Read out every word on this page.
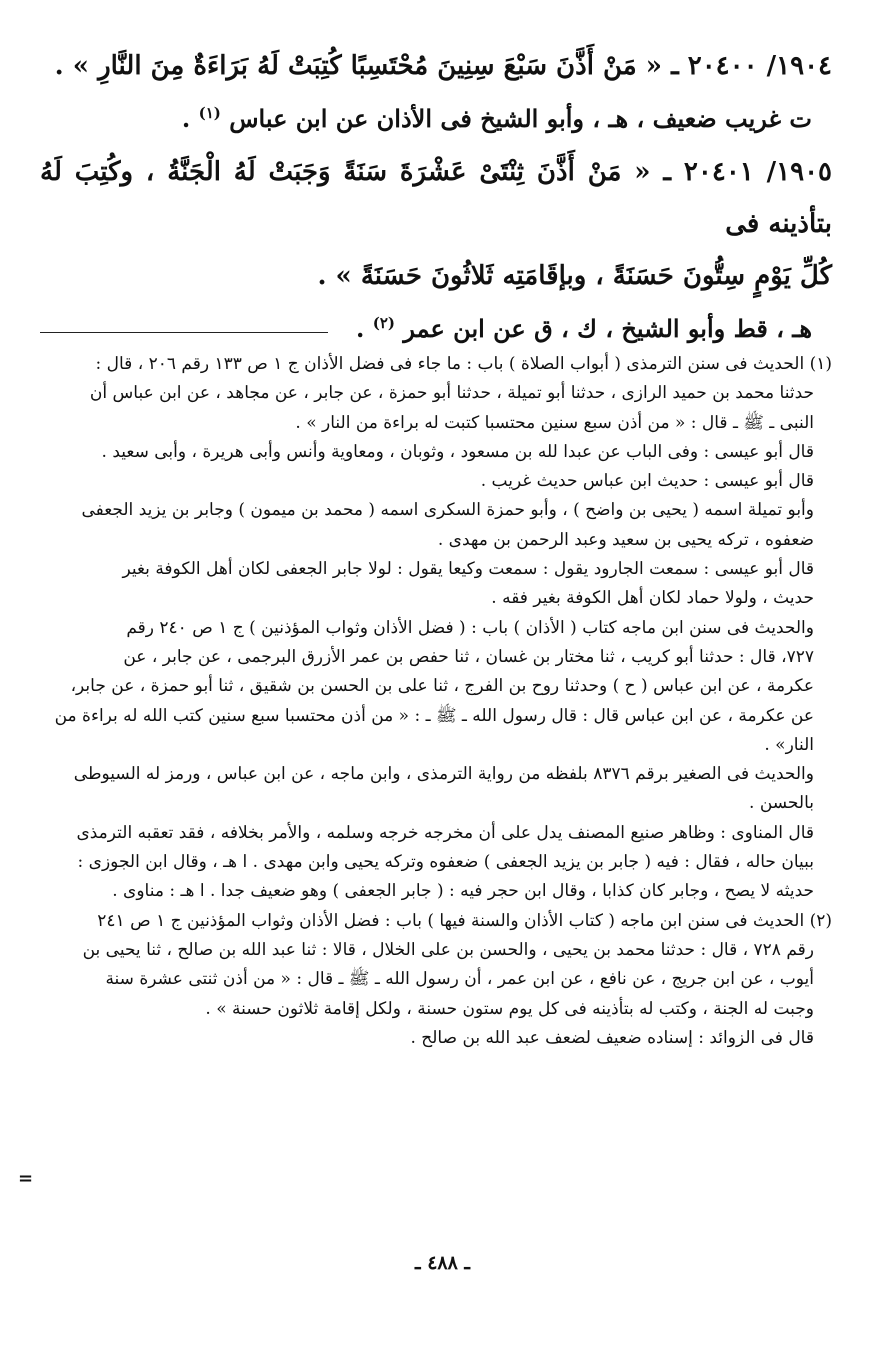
١٩٠٤/ ٢٠٤٠٠ ـ « مَنْ أَذَّنَ سَبْعَ سِنِينَ مُحْتَسِبًا كُتِبَتْ لَهُ بَرَاءَةٌ مِنَ النَّارِ » .

ت غريب ضعيف ، هـ ، وأبو الشيخ فى الأذان عن ابن عباس $^{(١)}$ .

١٩٠٥/ ٢٠٤٠١ ـ « مَنْ أَذَّنَ ثِنْتَىْ عَشْرَةَ سَنَةً وَجَبَتْ لَهُ الْجَنَّةُ ، وكُتِبَ لَهُ بتأذينه فى

كُلِّ يَوْمٍ سِتُّونَ حَسَنَةً ، وبإقَامَتِه ثَلاثُونَ حَسَنَةً » .

هـ ، قط وأبو الشيخ ، ك ، ق عن ابن عمر $^{(٢)}$ .

(١) الحديث فى سنن الترمذى ( أبواب الصلاة ) باب : ما جاء فى فضل الأذان ج ١ ص ١٣٣ رقم ٢٠٦ ، قال :

حدثنا محمد بن حميد الرازى ، حدثنا أبو تميلة ، حدثنا أبو حمزة ، عن جابر ، عن مجاهد ، عن ابن عباس أن

النبى ـ ﷺ ـ قال : « من أذن سبع سنين محتسبا كتبت له براءة من النار » .

قال أبو عيسى : وفى الباب عن عبدا لله بن مسعود ، وثوبان ، ومعاوية وأنس وأبى هريرة ، وأبى سعيد .

قال أبو عيسى : حديث ابن عباس حديث غريب .

وأبو تميلة اسمه ( يحيى بن واضح ) ، وأبو حمزة السكرى اسمه ( محمد بن ميمون ) وجابر بن يزيد الجعفى

ضعفوه ، تركه يحيى بن سعيد وعبد الرحمن بن مهدى .

قال أبو عيسى : سمعت الجارود يقول : سمعت وكيعا يقول : لولا جابر الجعفى لكان أهل الكوفة بغير

حديث ، ولولا حماد لكان أهل الكوفة بغير فقه .

والحديث فى سنن ابن ماجه كتاب ( الأذان ) باب : ( فضل الأذان وثواب المؤذنين ) ج ١ ص ٢٤٠ رقم

٧٢٧، قال : حدثنا أبو كريب ، ثنا مختار بن غسان ، ثنا حفص بن عمر الأزرق البرجمى ، عن جابر ، عن

عكرمة ، عن ابن عباس ( ح ) وحدثنا روح بن الفرج ، ثنا على بن الحسن بن شقيق ، ثنا أبو حمزة ، عن جابر،

عن عكرمة ، عن ابن عباس قال : قال رسول الله ـ ﷺ ـ : « من أذن محتسبا سبع سنين كتب الله له براءة من

النار» .

والحديث فى الصغير برقم ٨٣٧٦ بلفظه من رواية الترمذى ، وابن ماجه ، عن ابن عباس ، ورمز له السيوطى

بالحسن .

قال المناوى : وظاهر صنيع المصنف يدل على أن مخرجه خرجه وسلمه ، والأمر بخلافه ، فقد تعقبه الترمذى

ببيان حاله ، فقال : فيه ( جابر بن يزيد الجعفى ) ضعفوه وتركه يحيى وابن مهدى . ا هـ ، وقال ابن الجوزى :

حديثه لا يصح ، وجابر كان كذابا ، وقال ابن حجر فيه : ( جابر الجعفى ) وهو ضعيف جدا . ا هـ : مناوى .

(٢) الحديث فى سنن ابن ماجه ( كتاب الأذان والسنة فيها ) باب : فضل الأذان وثواب المؤذنين ج ١ ص ٢٤١

رقم ٧٢٨ ، قال : حدثنا محمد بن يحيى ، والحسن بن على الخلال ، قالا : ثنا عبد الله بن صالح ، ثنا يحيى بن

أيوب ، عن ابن جريج ، عن نافع ، عن ابن عمر ، أن رسول الله ـ ﷺ ـ قال : « من أذن ثنتى عشرة سنة

وجبت له الجنة ، وكتب له بتأذينه فى كل يوم ستون حسنة ، ولكل إقامة ثلاثون حسنة » .

قال فى الزوائد : إسناده ضعيف لضعف عبد الله بن صالح .

=
ـ ٤٨٨ ـ
